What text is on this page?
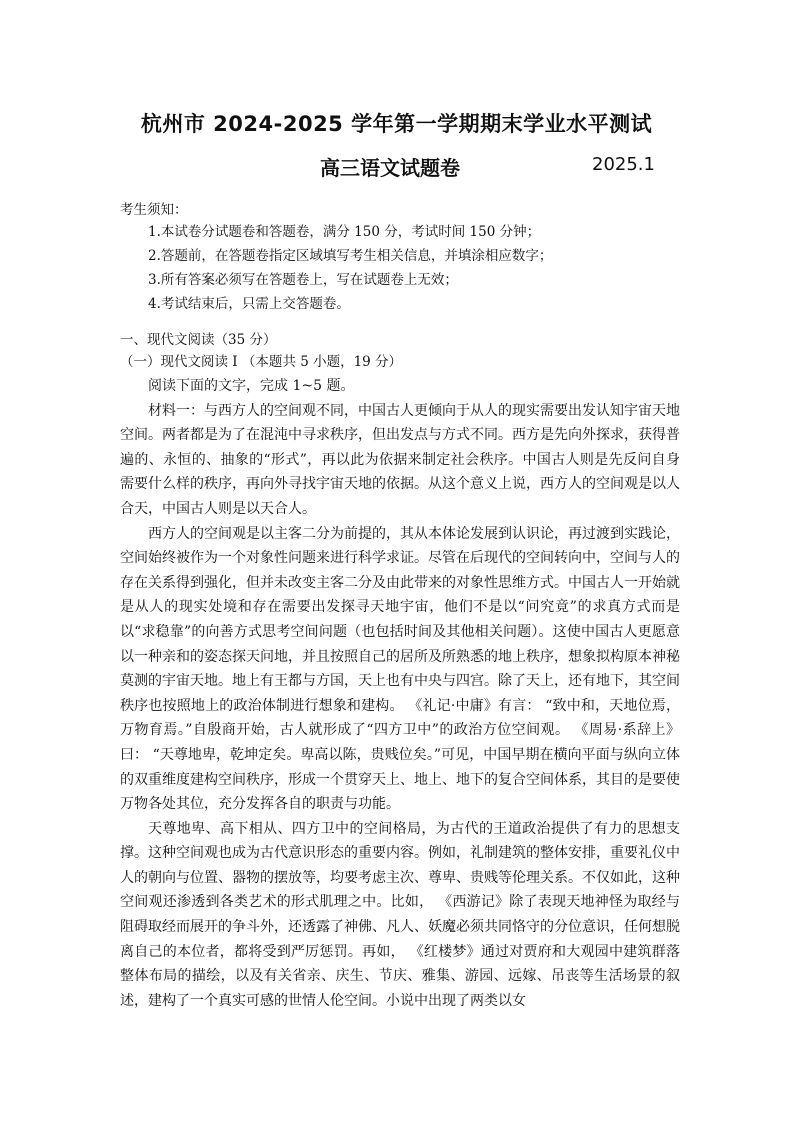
杭州市 2024-2025 学年第一学期期末学业水平测试
高三语文试题卷	2025.1
考生须知：
1.本试卷分试题卷和答题卷，满分 150 分，考试时间 150 分钟；
2.答题前，在答题卷指定区域填写考生相关信息，并填涂相应数字；
3.所有答案必须写在答题卷上，写在试题卷上无效；
4.考试结束后，只需上交答题卷。
一、现代文阅读（35 分）
（一）现代文阅读 Ⅰ （本题共 5 小题，19 分）

阅读下面的文字，完成 1~5 题。

材料一：与西方人的空间观不同，中国古人更倾向于从人的现实需要出发认知宇宙天地空间。两者都是为了在混沌中寻求秩序，但出发点与方式不同。西方是先向外探求，获得普遍的、永恒的、抽象的“形式”，再以此为依据来制定社会秩序。中国古人则是先反问自身需要什么样的秩序，再向外寻找宇宙天地的依据。从这个意义上说，西方人的空间观是以人合天，中国古人则是以天合人。

西方人的空间观是以主客二分为前提的，其从本体论发展到认识论，再过渡到实践论，空间始终被作为一个对象性问题来进行科学求证。尽管在后现代的空间转向中，空间与人的存在关系得到强化，但并未改变主客二分及由此带来的对象性思维方式。中国古人一开始就是从人的现实处境和存在需要出发探寻天地宇宙，他们不是以“问究竟”的求真方式而是以“求稳靠”的向善方式思考空间问题（也包括时间及其他相关问题）。这使中国古人更愿意以一种亲和的姿态探天问地，并且按照自己的居所及所熟悉的地上秩序，想象拟构原本神秘莫测的宇宙天地。地上有王都与方国，天上也有中央与四宫。除了天上，还有地下，其空间秩序也按照地上的政治体制进行想象和建构。 《礼记·中庸》有言： “致中和，天地位焉，万物育焉。”自殷商开始，古人就形成了“四方卫中”的政治方位空间观。 《周易·系辞上》曰： “天尊地卑，乾坤定矣。卑高以陈，贵贱位矣。”可见，中国早期在横向平面与纵向立体的双重维度建构空间秩序，形成一个贯穿天上、地上、地下的复合空间体系，其目的是要使万物各处其位，充分发挥各自的职责与功能。

天尊地卑、高下相从、四方卫中的空间格局，为古代的王道政治提供了有力的思想支撑。这种空间观也成为古代意识形态的重要内容。例如，礼制建筑的整体安排，重要礼仪中人的朝向与位置、器物的摆放等，均要考虑主次、尊卑、贵贱等伦理关系。不仅如此，这种空间观还渗透到各类艺术的形式肌理之中。比如， 《西游记》除了表现天地神怪为取经与阻碍取经而展开的争斗外，还透露了神佛、凡人、妖魔必须共同恪守的分位意识，任何想脱离自己的本位者，都将受到严厉惩罚。再如， 《红楼梦》通过对贾府和大观园中建筑群落整体布局的描绘，以及有关省亲、庆生、节庆、雅集、游园、远嫁、吊丧等生活场景的叙述，建构了一个真实可感的世情人伦空间。小说中出现了两类以女
